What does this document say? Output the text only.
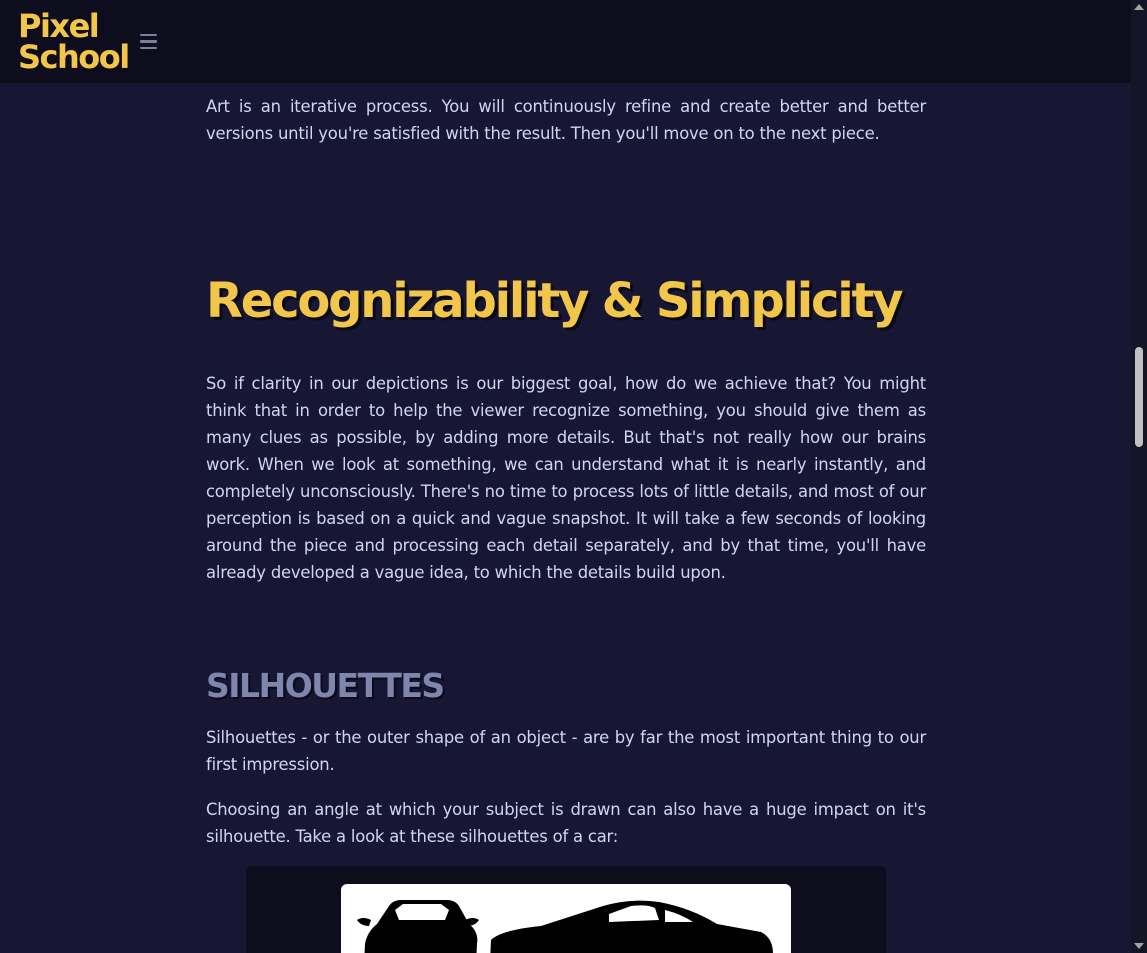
Pixel
School

Art is an iterative process. You will continuously refine and create better and better versions until you're satisfied with the result. Then you'll move on to the next piece.

Recognizability & Simplicity

So if clarity in our depictions is our biggest goal, how do we achieve that? You might think that in order to help the viewer recognize something, you should give them as many clues as possible, by adding more details. But that's not really how our brains work. When we look at something, we can understand what it is nearly instantly, and completely unconsciously. There's no time to process lots of little details, and most of our perception is based on a quick and vague snapshot. It will take a few seconds of looking around the piece and processing each detail separately, and by that time, you'll have already developed a vague idea, to which the details build upon.

SILHOUETTES

Silhouettes - or the outer shape of an object - are by far the most important thing to our first impression.

Choosing an angle at which your subject is drawn can also have a huge impact on it's silhouette. Take a look at these silhouettes of a car:
